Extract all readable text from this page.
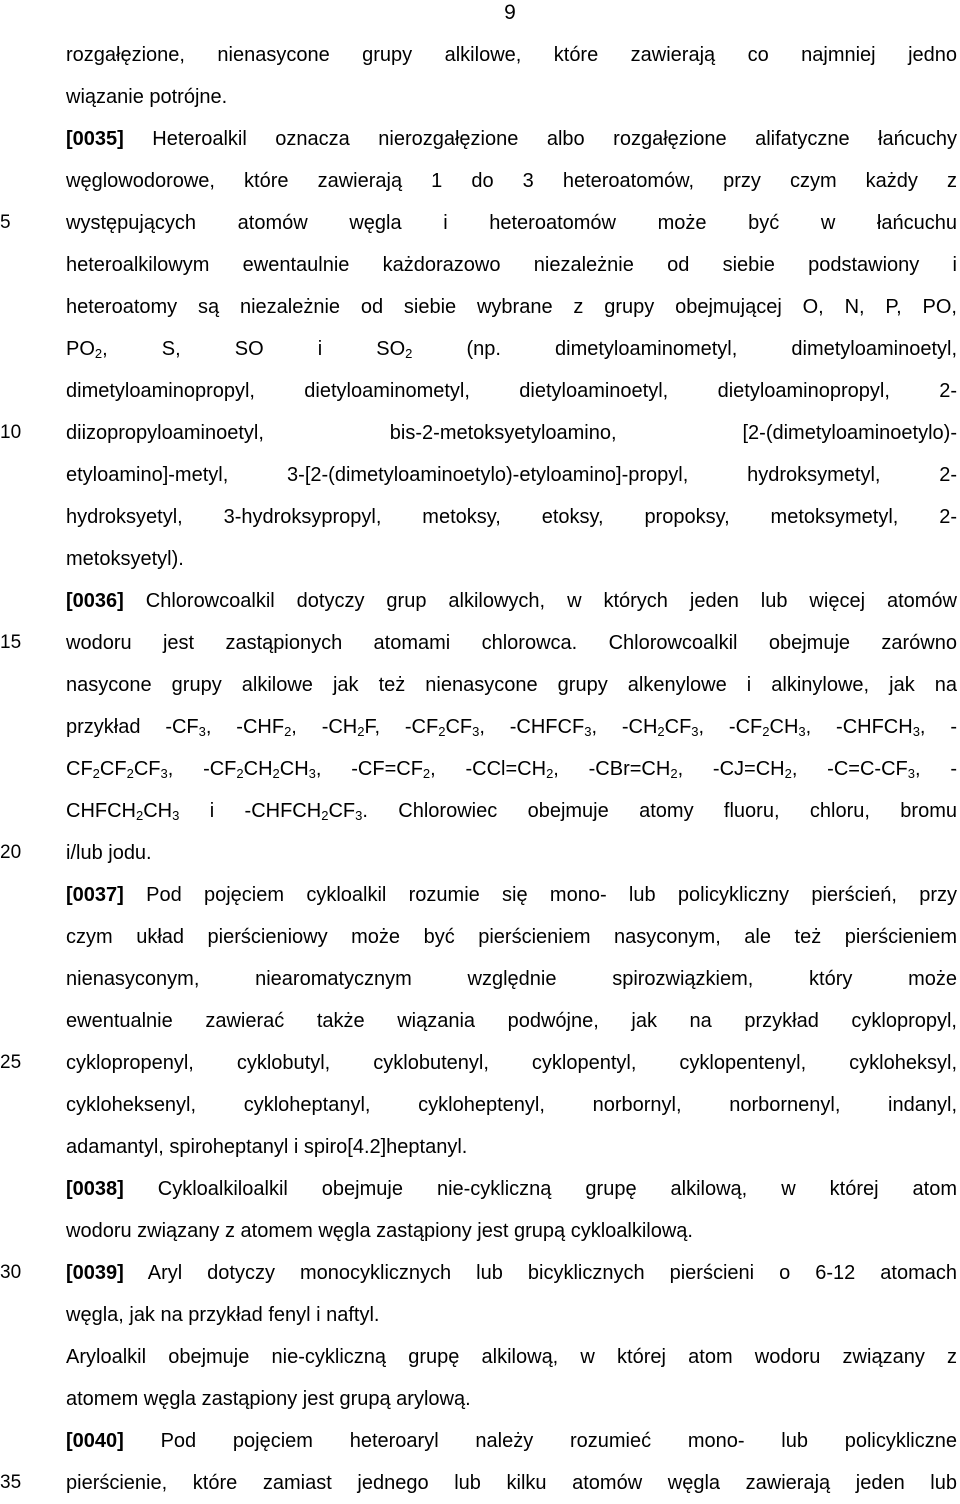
9
5
10
15
20
25
30
35
rozgałęzione, nienasycone grupy alkilowe, które zawierają co najmniej jedno
wiązanie potrójne.
[0035] Heteroalkil oznacza nierozgałęzione albo rozgałęzione alifatyczne łańcuchy
węglowodorowe, które zawierają 1 do 3 heteroatomów, przy czym każdy z
występujących atomów węgla i heteroatomów może być w łańcuchu
heteroalkilowym ewentaulnie każdorazowo niezależnie od siebie podstawiony i
heteroatomy są niezależnie od siebie wybrane z grupy obejmującej O, N, P, PO,
$PO_2$, S, SO i $SO_2$ (np. dimetyloaminometyl, dimetyloaminoetyl,
dimetyloaminopropyl, dietyloaminometyl, dietyloaminoetyl, dietyloaminopropyl, 2-
diizopropyloaminoetyl, bis-2-metoksyetyloamino, [2-(dimetyloaminoetylo)-
etyloamino]-metyl, 3-[2-(dimetyloaminoetylo)-etyloamino]-propyl, hydroksymetyl, 2-
hydroksyetyl, 3-hydroksypropyl, metoksy, etoksy, propoksy, metoksymetyl, 2-
metoksyetyl).
[0036] Chlorowcoalkil dotyczy grup alkilowych, w których jeden lub więcej atomów
wodoru jest zastąpionych atomami chlorowca. Chlorowcoalkil obejmuje zarówno
nasycone grupy alkilowe jak też nienasycone grupy alkenylowe i alkinylowe, jak na
przykład $-CF_3$, $-CHF_2$, $-CH_2F$, $-CF_2CF_3$, $-CHFCF_3$, $-CH_2CF_3$, $-CF_2CH_3$, $-CHFCH_3$, -
$CF_2CF_2CF_3$, $-CF_2CH_2CH_3$, $-CF=CF_2$, $-CCl=CH_2$, $-CBr=CH_2$, $-CJ=CH_2$, $-C=C-CF_3$, -
$CHFCH_2CH_3$ i $-CHFCH_2CF_3$. Chlorowiec obejmuje atomy fluoru, chloru, bromu
i/lub jodu.
[0037] Pod pojęciem cykloalkil rozumie się mono- lub policykliczny pierścień, przy
czym układ pierścieniowy może być pierścieniem nasyconym, ale też pierścieniem
nienasyconym, niearomatycznym względnie spirozwiązkiem, który może
ewentualnie zawierać także wiązania podwójne, jak na przykład cyklopropyl,
cyklopropenyl, cyklobutyl, cyklobutenyl, cyklopentyl, cyklopentenyl, cykloheksyl,
cykloheksenyl, cykloheptanyl, cykloheptenyl, norbornyl, norbornenyl, indanyl,
adamantyl, spiroheptanyl i spiro[4.2]heptanyl.
[0038] Cykloalkiloalkil obejmuje nie-cykliczną grupę alkilową, w której atom
wodoru związany z atomem węgla zastąpiony jest grupą cykloalkilową.
[0039] Aryl dotyczy monocyklicznych lub bicyklicznych pierścieni o 6-12 atomach
węgla, jak na przykład fenyl i naftyl.
Aryloalkil obejmuje nie-cykliczną grupę alkilową, w której atom wodoru związany z
atomem węgla zastąpiony jest grupą arylową.
[0040] Pod pojęciem heteroaryl należy rozumieć mono- lub policykliczne
pierścienie, które zamiast jednego lub kilku atomów węgla zawierają jeden lub
